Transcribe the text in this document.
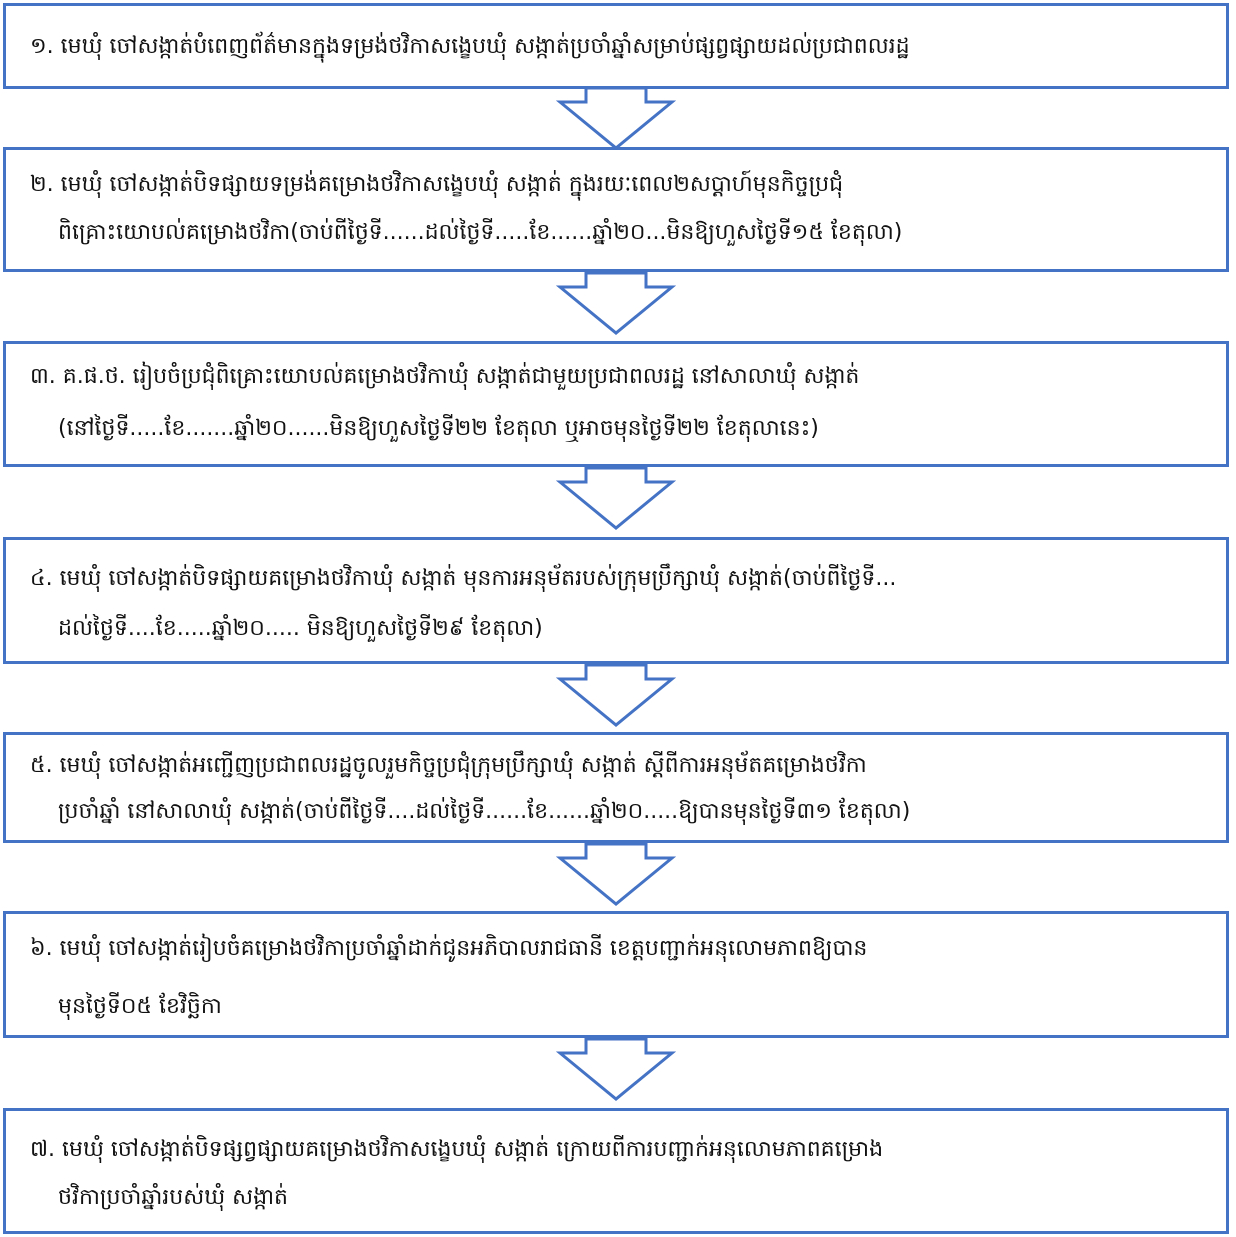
១. មេឃុំ ចៅសង្កាត់បំពេញព័ត៌មានក្នុងទម្រង់ថវិកាសង្ខេបឃុំ សង្កាត់ប្រចាំឆ្នាំសម្រាប់ផ្សព្វផ្សាយដល់ប្រជាពលរដ្ឋ
២. មេឃុំ ចៅសង្កាត់បិទផ្សាយទម្រង់គម្រោងថវិកាសង្ខេបឃុំ សង្កាត់ ក្នុងរយៈពេល២សប្តាហ៍មុនកិច្ចប្រជុំ
ពិគ្រោះយោបល់គម្រោងថវិកា(ចាប់ពីថ្ងៃទី......ដល់ថ្ងៃទី.....ខែ......ឆ្នាំ២០...មិនឱ្យហួសថ្ងៃទី១៥ ខែតុលា)
៣. គ.ផ.ថ. រៀបចំប្រជុំពិគ្រោះយោបល់គម្រោងថវិកាឃុំ សង្កាត់ជាមួយប្រជាពលរដ្ឋ នៅសាលាឃុំ សង្កាត់
(នៅថ្ងៃទី.....ខែ.......ឆ្នាំ២០......មិនឱ្យហួសថ្ងៃទី២២ ខែតុលា ឬអាចមុនថ្ងៃទី២២ ខែតុលានេះ)
៤. មេឃុំ ចៅសង្កាត់បិទផ្សាយគម្រោងថវិកាឃុំ សង្កាត់ មុនការអនុម័តរបស់ក្រុមប្រឹក្សាឃុំ សង្កាត់(ចាប់ពីថ្ងៃទី...
ដល់ថ្ងៃទី....ខែ.....ឆ្នាំ២០..... មិនឱ្យហួសថ្ងៃទី២៩ ខែតុលា)
៥. មេឃុំ ចៅសង្កាត់អញ្ជើញប្រជាពលរដ្ឋចូលរួមកិច្ចប្រជុំក្រុមប្រឹក្សាឃុំ សង្កាត់ ស្តីពីការអនុម័តគម្រោងថវិកា
ប្រចាំឆ្នាំ នៅសាលាឃុំ សង្កាត់(ចាប់ពីថ្ងៃទី....ដល់ថ្ងៃទី......ខែ......ឆ្នាំ២០.....ឱ្យបានមុនថ្ងៃទី៣១ ខែតុលា)
៦. មេឃុំ ចៅសង្កាត់រៀបចំគម្រោងថវិកាប្រចាំឆ្នាំដាក់ជូនអភិបាលរាជធានី ខេត្តបញ្ជាក់អនុលោមភាពឱ្យបាន
មុនថ្ងៃទី០៥ ខែវិច្ឆិកា
៧. មេឃុំ ចៅសង្កាត់បិទផ្សព្វផ្សាយគម្រោងថវិកាសង្ខេបឃុំ សង្កាត់ ក្រោយពីការបញ្ជាក់អនុលោមភាពគម្រោង
ថវិកាប្រចាំឆ្នាំរបស់ឃុំ សង្កាត់
